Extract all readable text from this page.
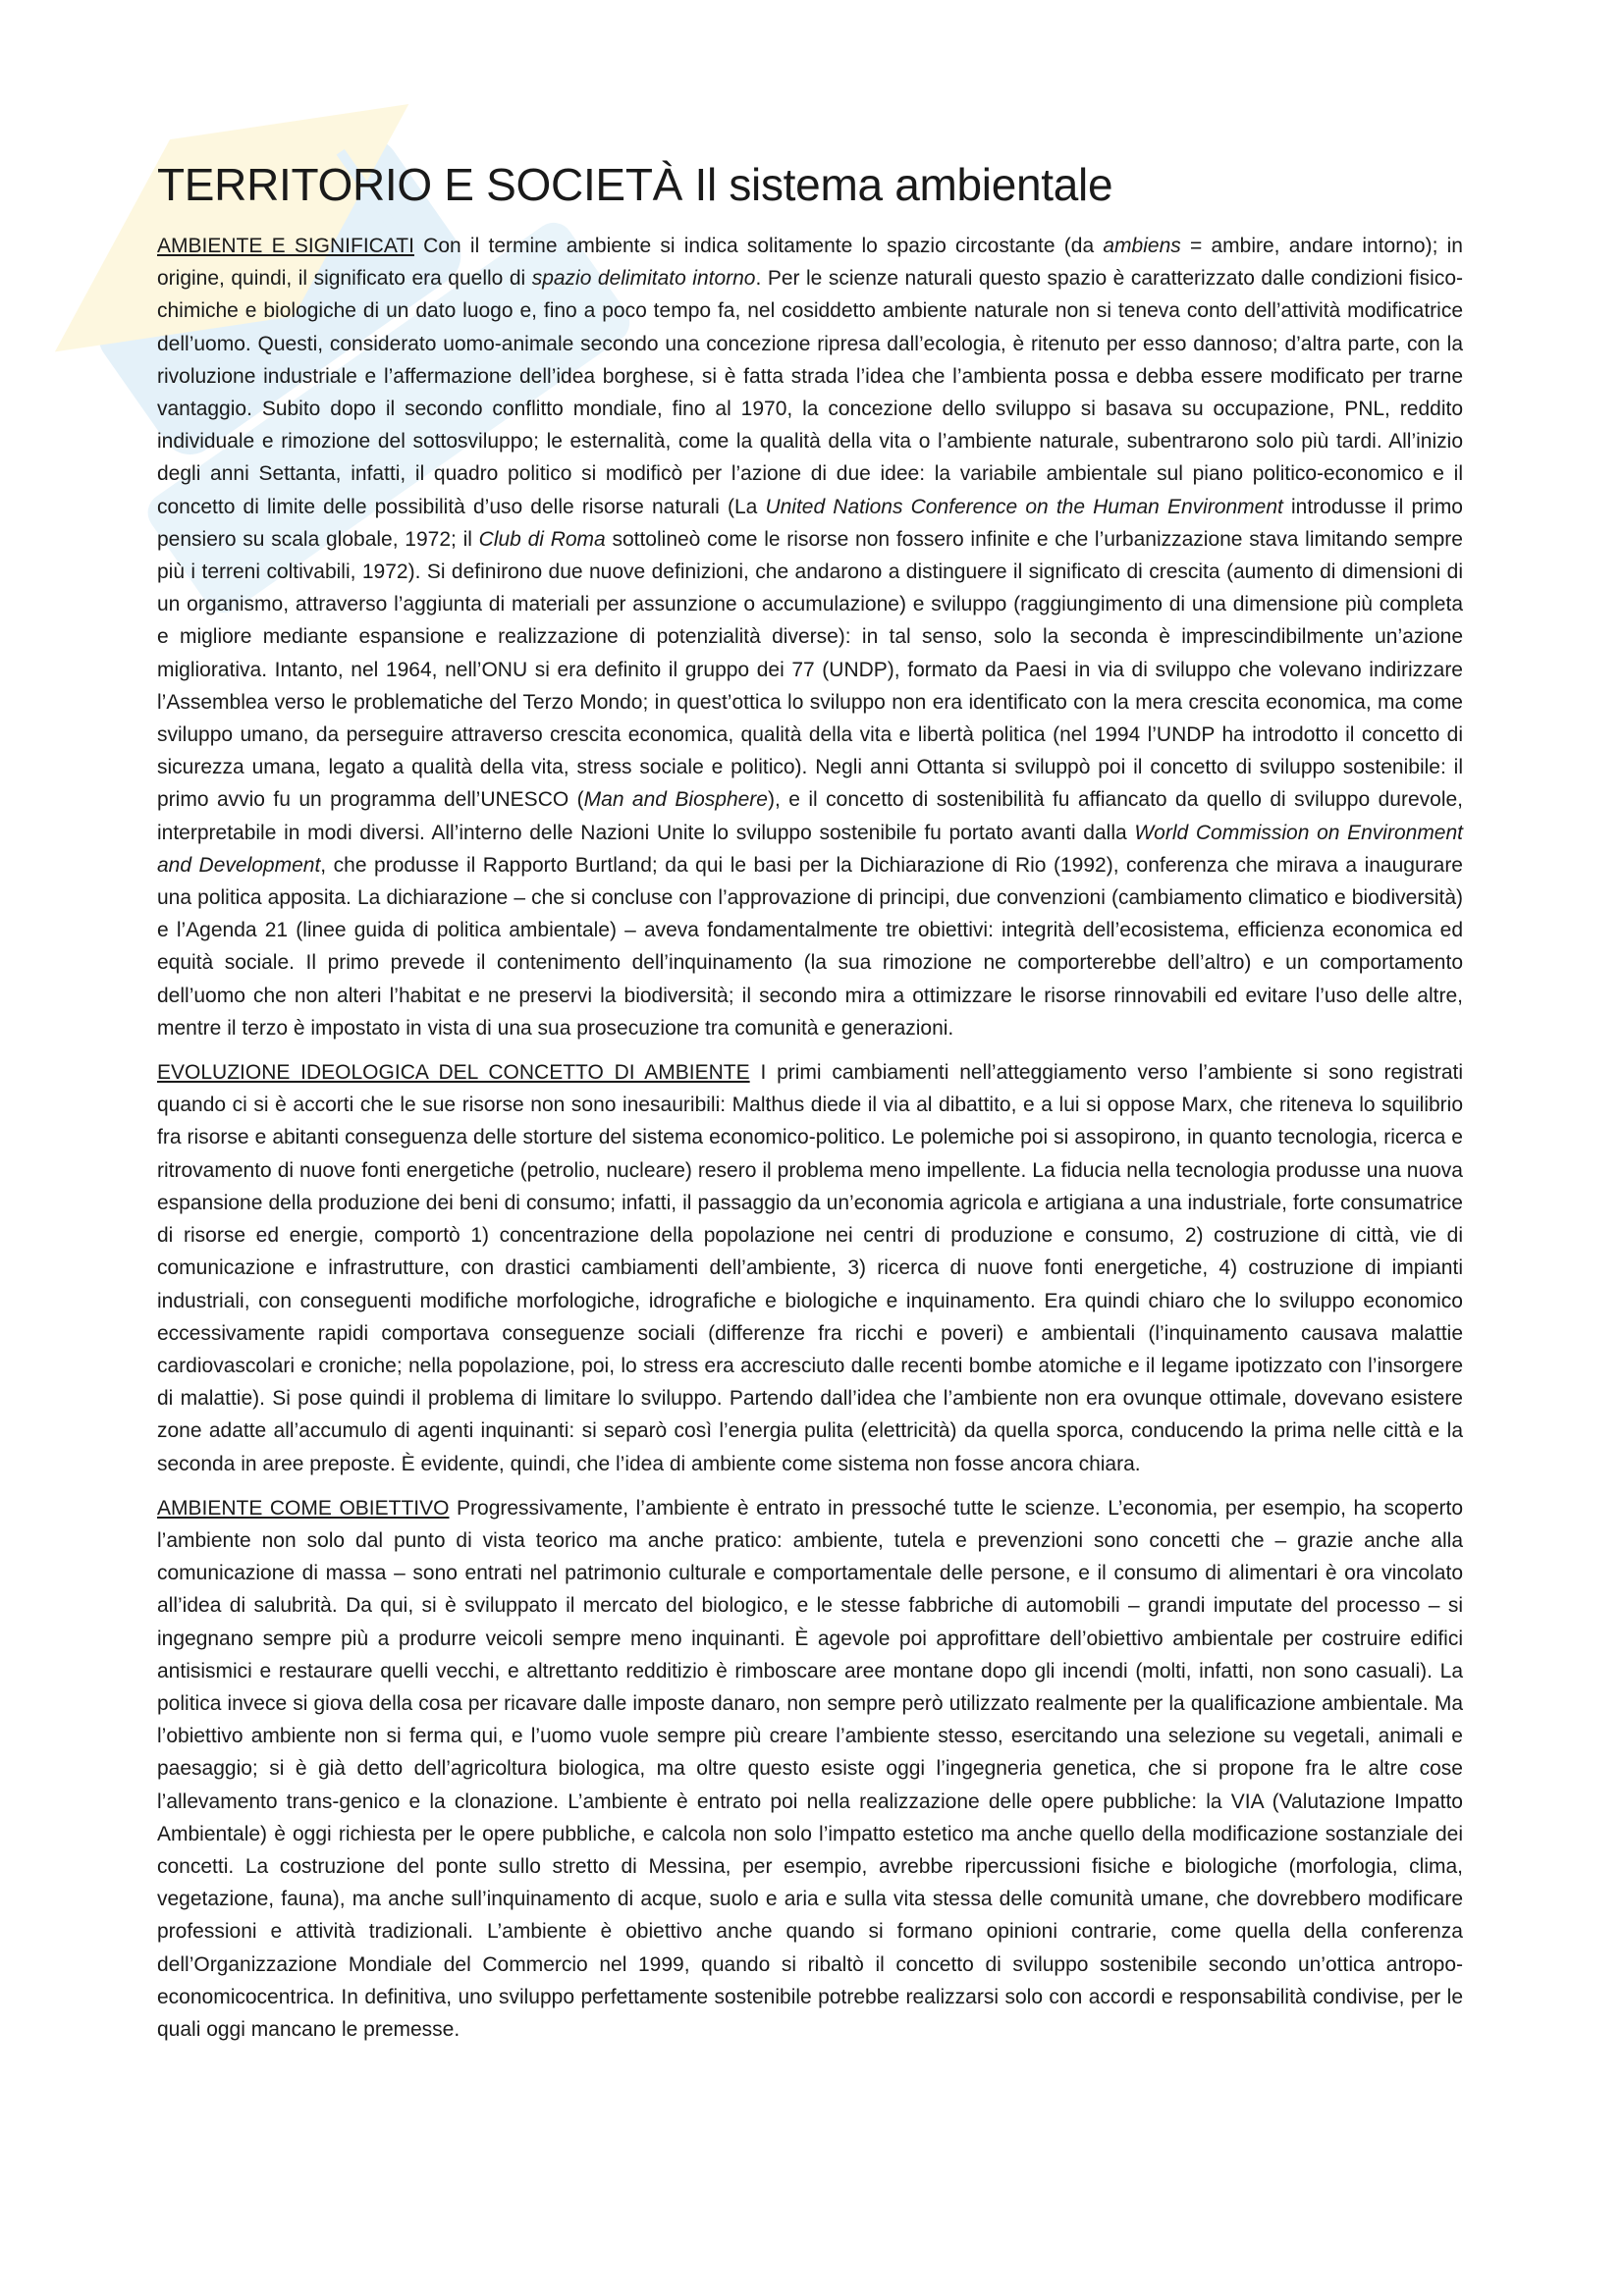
TERRITORIO E SOCIETÀ Il sistema ambientale

AMBIENTE E SIGNIFICATI Con il termine ambiente si indica solitamente lo spazio circostante (da ambiens = ambire, andare intorno); in origine, quindi, il significato era quello di spazio delimitato intorno. Per le scienze naturali questo spazio è caratterizzato dalle condizioni fisico-chimiche e biologiche di un dato luogo e, fino a poco tempo fa, nel cosiddetto ambiente naturale non si teneva conto dell’attività modificatrice dell’uomo. Questi, considerato uomo-animale secondo una concezione ripresa dall’ecologia, è ritenuto per esso dannoso; d’altra parte, con la rivoluzione industriale e l’affermazione dell’idea borghese, si è fatta strada l’idea che l’ambienta possa e debba essere modificato per trarne vantaggio. Subito dopo il secondo conflitto mondiale, fino al 1970, la concezione dello sviluppo si basava su occupazione, PNL, reddito individuale e rimozione del sottosviluppo; le esternalità, come la qualità della vita o l’ambiente naturale, subentrarono solo più tardi. All’inizio degli anni Settanta, infatti, il quadro politico si modificò per l’azione di due idee: la variabile ambientale sul piano politico-economico e il concetto di limite delle possibilità d’uso delle risorse naturali (La United Nations Conference on the Human Environment introdusse il primo pensiero su scala globale, 1972; il Club di Roma sottolineò come le risorse non fossero infinite e che l’urbanizzazione stava limitando sempre più i terreni coltivabili, 1972). Si definirono due nuove definizioni, che andarono a distinguere il significato di crescita (aumento di dimensioni di un organismo, attraverso l’aggiunta di materiali per assunzione o accumulazione) e sviluppo (raggiungimento di una dimensione più completa e migliore mediante espansione e realizzazione di potenzialità diverse): in tal senso, solo la seconda è imprescindibilmente un’azione migliorativa. Intanto, nel 1964, nell’ONU si era definito il gruppo dei 77 (UNDP), formato da Paesi in via di sviluppo che volevano indirizzare l’Assemblea verso le problematiche del Terzo Mondo; in quest’ottica lo sviluppo non era identificato con la mera crescita economica, ma come sviluppo umano, da perseguire attraverso crescita economica, qualità della vita e libertà politica (nel 1994 l’UNDP ha introdotto il concetto di sicurezza umana, legato a qualità della vita, stress sociale e politico). Negli anni Ottanta si sviluppò poi il concetto di sviluppo sostenibile: il primo avvio fu un programma dell’UNESCO (Man and Biosphere), e il concetto di sostenibilità fu affiancato da quello di sviluppo durevole, interpretabile in modi diversi. All’interno delle Nazioni Unite lo sviluppo sostenibile fu portato avanti dalla World Commission on Environment and Development, che produsse il Rapporto Burtland; da qui le basi per la Dichiarazione di Rio (1992), conferenza che mirava a inaugurare una politica apposita. La dichiarazione – che si concluse con l’approvazione di principi, due convenzioni (cambiamento climatico e biodiversità) e l’Agenda 21 (linee guida di politica ambientale) – aveva fondamentalmente tre obiettivi: integrità dell’ecosistema, efficienza economica ed equità sociale. Il primo prevede il contenimento dell’inquinamento (la sua rimozione ne comporterebbe dell’altro) e un comportamento dell’uomo che non alteri l’habitat e ne preservi la biodiversità; il secondo mira a ottimizzare le risorse rinnovabili ed evitare l’uso delle altre, mentre il terzo è impostato in vista di una sua prosecuzione tra comunità e generazioni.

EVOLUZIONE IDEOLOGICA DEL CONCETTO DI AMBIENTE I primi cambiamenti nell’atteggiamento verso l’ambiente si sono registrati quando ci si è accorti che le sue risorse non sono inesauribili: Malthus diede il via al dibattito, e a lui si oppose Marx, che riteneva lo squilibrio fra risorse e abitanti conseguenza delle storture del sistema economico-politico. Le polemiche poi si assopirono, in quanto tecnologia, ricerca e ritrovamento di nuove fonti energetiche (petrolio, nucleare) resero il problema meno impellente. La fiducia nella tecnologia produsse una nuova espansione della produzione dei beni di consumo; infatti, il passaggio da un’economia agricola e artigiana a una industriale, forte consumatrice di risorse ed energie, comportò 1) concentrazione della popolazione nei centri di produzione e consumo, 2) costruzione di città, vie di comunicazione e infrastrutture, con drastici cambiamenti dell’ambiente, 3) ricerca di nuove fonti energetiche, 4) costruzione di impianti industriali, con conseguenti modifiche morfologiche, idrografiche e biologiche e inquinamento. Era quindi chiaro che lo sviluppo economico eccessivamente rapidi comportava conseguenze sociali (differenze fra ricchi e poveri) e ambientali (l’inquinamento causava malattie cardiovascolari e croniche; nella popolazione, poi, lo stress era accresciuto dalle recenti bombe atomiche e il legame ipotizzato con l’insorgere di malattie). Si pose quindi il problema di limitare lo sviluppo. Partendo dall’idea che l’ambiente non era ovunque ottimale, dovevano esistere zone adatte all’accumulo di agenti inquinanti: si separò così l’energia pulita (elettricità) da quella sporca, conducendo la prima nelle città e la seconda in aree preposte. È evidente, quindi, che l’idea di ambiente come sistema non fosse ancora chiara.

AMBIENTE COME OBIETTIVO Progressivamente, l’ambiente è entrato in pressoché tutte le scienze. L’economia, per esempio, ha scoperto l’ambiente non solo dal punto di vista teorico ma anche pratico: ambiente, tutela e prevenzioni sono concetti che – grazie anche alla comunicazione di massa – sono entrati nel patrimonio culturale e comportamentale delle persone, e il consumo di alimentari è ora vincolato all’idea di salubrità. Da qui, si è sviluppato il mercato del biologico, e le stesse fabbriche di automobili – grandi imputate del processo – si ingegnano sempre più a produrre veicoli sempre meno inquinanti. È agevole poi approfittare dell’obiettivo ambientale per costruire edifici antisismici e restaurare quelli vecchi, e altrettanto redditizio è rimboscare aree montane dopo gli incendi (molti, infatti, non sono casuali). La politica invece si giova della cosa per ricavare dalle imposte danaro, non sempre però utilizzato realmente per la qualificazione ambientale. Ma l’obiettivo ambiente non si ferma qui, e l’uomo vuole sempre più creare l’ambiente stesso, esercitando una selezione su vegetali, animali e paesaggio; si è già detto dell’agricoltura biologica, ma oltre questo esiste oggi l’ingegneria genetica, che si propone fra le altre cose l’allevamento trans-genico e la clonazione. L’ambiente è entrato poi nella realizzazione delle opere pubbliche: la VIA (Valutazione Impatto Ambientale) è oggi richiesta per le opere pubbliche, e calcola non solo l’impatto estetico ma anche quello della modificazione sostanziale dei concetti. La costruzione del ponte sullo stretto di Messina, per esempio, avrebbe ripercussioni fisiche e biologiche (morfologia, clima, vegetazione, fauna), ma anche sull’inquinamento di acque, suolo e aria e sulla vita stessa delle comunità umane, che dovrebbero modificare professioni e attività tradizionali. L’ambiente è obiettivo anche quando si formano opinioni contrarie, come quella della conferenza dell’Organizzazione Mondiale del Commercio nel 1999, quando si ribaltò il concetto di sviluppo sostenibile secondo un’ottica antropo-economicocentrica. In definitiva, uno sviluppo perfettamente sostenibile potrebbe realizzarsi solo con accordi e responsabilità condivise, per le quali oggi mancano le premesse.
